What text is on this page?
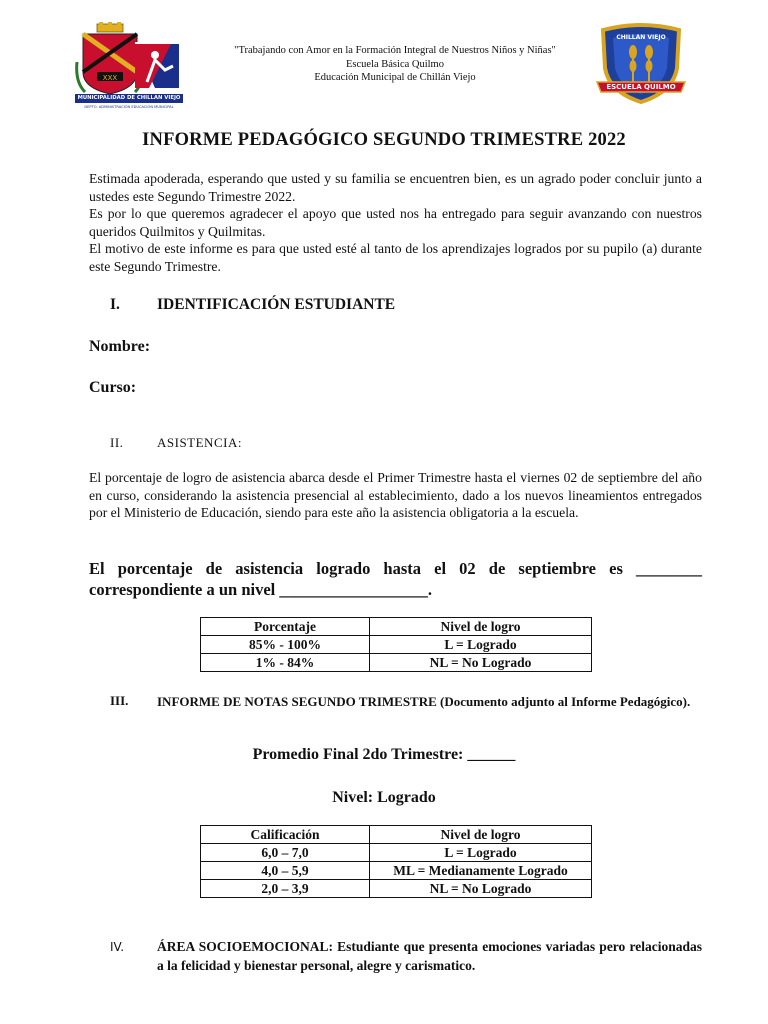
XXX
MUNICIPALIDAD DE CHILLAN VIEJO
DEPTO. ADMINISTRACIÓN EDUCACIÓN MUNICIPAL
"Trabajando con Amor en la Formación Integral de Nuestros Niños y Niñas"
Escuela Básica Quilmo
Educación Municipal de Chillán Viejo
CHILLAN VIEJO
ESCUELA QUILMO
INFORME PEDAGÓGICO SEGUNDO TRIMESTRE 2022

Estimada apoderada, esperando que usted y su familia se encuentren bien, es un agrado poder concluir junto a ustedes este Segundo Trimestre 2022.

Es por lo que queremos agradecer el apoyo que usted nos ha entregado para seguir avanzando con nuestros queridos Quilmitos y Quilmitas.

El motivo de este informe es para que usted esté al tanto de los aprendizajes logrados por su pupilo (a) durante este Segundo Trimestre.

I. IDENTIFICACIÓN ESTUDIANTE
Nombre:
Curso:
II.	ASISTENCIA:
El porcentaje de logro de asistencia abarca desde el Primer Trimestre hasta el viernes 02 de septiembre del año en curso, considerando la asistencia presencial al establecimiento, dado a los nuevos lineamientos entregados por el Ministerio de Educación, siendo para este año la asistencia obligatoria a la escuela.
El porcentaje de asistencia logrado hasta el 02 de septiembre es ________ correspondiente a un nivel __________________.
Porcentaje	Nivel de logro
85% - 100%	L = Logrado
1% - 84%	NL = No Logrado
III. INFORME DE NOTAS SEGUNDO TRIMESTRE (Documento adjunto al Informe Pedagógico).
Promedio Final 2do Trimestre: ______
Nivel: Logrado
Calificación	Nivel de logro
6,0 – 7,0	L = Logrado
4,0 – 5,9	ML = Medianamente Logrado
2,0 – 3,9	NL = No Logrado
IV. ÁREA SOCIOEMOCIONAL: Estudiante que presenta emociones variadas pero relacionadas a la felicidad y bienestar personal, alegre y carismatico.
